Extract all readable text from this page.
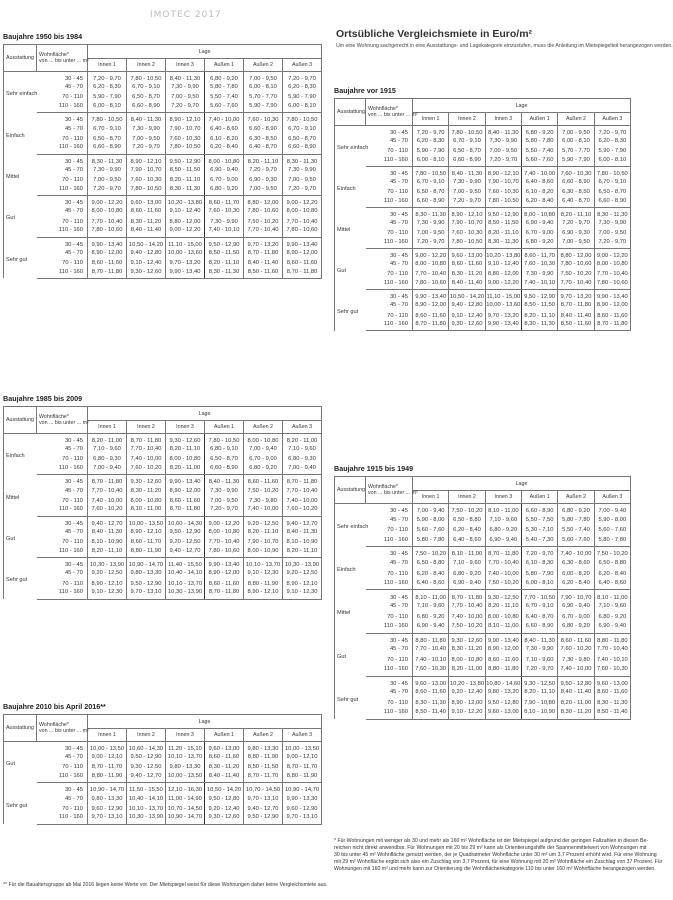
IMOTEC 2017
Ortsübliche Vergleichsmiete in Euro/m²
Um eine Wohnung sachgerecht in eine Ausstattungs- und Lagekategorie einzustufen, muss die Anleitung im Mietspiegelteil herangezogen werden.
Baujahre 1950 bis 1984
Ausstattung	Wohnfläche*
von ... bis unter ... m²	Lage					
		Innen 1	Innen 2	Innen 3	Außen 1	Außen 2	Außen 3
Sehr einfach	30 - 45	7,20 - 9,70	7,80 - 10,50	8,40 - 11,30	6,80 - 9,20	7,00 - 9,50	7,20 - 9,70
	45 - 70	6,20 - 8,30	6,70 - 9,10	7,30 - 9,90	5,80 - 7,80	6,00 - 8,10	6,20 - 8,30
	70 - 110	5,90 - 7,90	6,50 - 8,70	7,00 - 9,50	5,50 - 7,40	5,70 - 7,70	5,90 - 7,90
	110 - 160	6,00 - 8,10	6,60 - 8,90	7,20 - 9,70	5,60 - 7,60	5,90 - 7,90	6,00 - 8,10
Einfach	30 - 45	7,80 - 10,50	8,40 - 11,30	8,90 - 12,10	7,40 - 10,00	7,60 - 10,30	7,80 - 10,50
	45 - 70	6,70 - 9,10	7,30 - 9,90	7,90 - 10,70	6,40 - 8,60	6,60 - 8,90	6,70 - 9,10
	70 - 110	6,50 - 8,70	7,00 - 9,50	7,60 - 10,30	6,10 - 8,20	6,30 - 8,50	6,50 - 8,70
	110 - 160	6,60 - 8,90	7,20 - 9,70	7,80 - 10,50	6,20 - 8,40	6,40 - 8,70	6,60 - 8,90
Mittel	30 - 45	8,30 - 11,30	8,90 - 12,10	9,50 - 12,90	8,00 - 10,80	8,20 - 11,10	8,30 - 11,30
	45 - 70	7,30 - 9,90	7,90 - 10,70	8,50 - 11,50	6,90 - 9,40	7,20 - 9,70	7,30 - 9,90
	70 - 110	7,00 - 9,50	7,60 - 10,30	8,20 - 11,10	6,70 - 9,00	6,90 - 9,30	7,00 - 9,50
	110 - 160	7,20 - 9,70	7,80 - 10,50	8,30 - 11,30	6,80 - 9,20	7,00 - 9,50	7,20 - 9,70
Gut	30 - 45	9,00 - 12,20	9,60 - 13,00	10,20 - 13,80	8,60 - 11,70	8,80 - 12,00	9,00 - 12,20
	45 - 70	8,00 - 10,80	8,60 - 11,60	9,10 - 12,40	7,60 - 10,30	7,80 - 10,60	8,00 - 10,80
	70 - 110	7,70 - 10,40	8,30 - 11,20	8,80 - 12,00	7,30 - 9,90	7,50 - 10,20	7,70 - 10,40
	110 - 160	7,80 - 10,60	8,40 - 11,40	9,00 - 12,20	7,40 - 10,10	7,70 - 10,40	7,80 - 10,60
Sehr gut	30 - 45	9,90 - 13,40	10,50 - 14,20	11,10 - 15,00	9,50 - 12,90	9,70 - 13,20	9,90 - 13,40
	45 - 70	8,90 - 12,00	9,40 - 12,80	10,00 - 13,60	8,50 - 11,50	8,70 - 11,80	8,90 - 12,00
	70 - 110	8,60 - 11,60	9,10 - 12,40	9,70 - 13,20	8,20 - 11,10	8,40 - 11,40	8,60 - 11,60
	110 - 160	8,70 - 11,80	9,30 - 12,60	9,90 - 13,40	8,30 - 11,30	8,50 - 11,60	8,70 - 11,80
Baujahre 1985 bis 2009
Ausstattung	Wohnfläche*
von ... bis unter ... m²	Lage					
		Innen 1	Innen 2	Innen 3	Außen 1	Außen 2	Außen 3
Einfach	30 - 45	8,20 - 11,00	8,70 - 11,80	9,30 - 12,60	7,80 - 10,50	8,00 - 10,80	8,20 - 11,00
	45 - 70	7,10 - 9,60	7,70 - 10,40	8,20 - 11,10	6,80 - 9,10	7,00 - 9,40	7,10 - 9,60
	70 - 110	6,80 - 9,30	7,40 - 10,00	8,00 - 10,80	6,50 - 8,70	6,70 - 9,00	6,80 - 9,30
	110 - 160	7,00 - 9,40	7,60 - 10,20	8,20 - 11,00	6,60 - 8,90	6,80 - 9,20	7,00 - 9,40
Mittel	30 - 45	8,70 - 11,80	9,30 - 12,60	9,90 - 13,40	8,40 - 11,30	8,60 - 11,60	8,70 - 11,80
	45 - 70	7,70 - 10,40	8,30 - 11,20	8,90 - 12,00	7,30 - 9,90	7,50 - 10,20	7,70 - 10,40
	70 - 110	7,40 - 10,00	8,00 - 10,80	8,60 - 11,60	7,00 - 9,50	7,30 - 9,80	7,40 - 10,00
	110 - 160	7,60 - 10,20	8,10 - 11,00	8,70 - 11,80	7,20 - 9,70	7,40 - 10,00	7,60 - 10,20
Gut	30 - 45	9,40 - 12,70	10,00 - 13,50	10,60 - 14,30	9,00 - 12,20	9,20 - 12,50	9,40 - 12,70
	45 - 70	8,40 - 11,30	8,90 - 12,10	9,50 - 12,90	8,00 - 10,80	8,20 - 11,10	8,40 - 11,30
	70 - 110	8,10 - 10,90	8,60 - 11,70	9,20 - 12,50	7,70 - 10,40	7,90 - 10,70	8,10 - 10,90
	110 - 160	8,20 - 11,10	8,80 - 11,90	9,40 - 12,70	7,80 - 10,60	8,00 - 10,90	8,20 - 11,10
Sehr gut	30 - 45	10,30 - 13,90	10,90 - 14,70	11,40 - 15,50	9,90 - 13,40	10,10 - 13,70	10,30 - 13,90
	45 - 70	9,20 - 12,50	9,80 - 13,30	10,40 - 14,10	8,90 - 12,00	9,10 - 12,30	9,20 - 12,50
	70 - 110	8,90 - 12,10	9,50 - 12,90	10,10 - 13,70	8,60 - 11,60	8,80 - 11,90	8,90 - 12,10
	110 - 160	9,10 - 12,30	9,70 - 13,10	10,30 - 13,90	8,70 - 11,80	8,90 - 12,10	9,10 - 12,30
Baujahre 2010 bis April 2016**
Ausstattung	Wohnfläche*
von ... bis unter ... m²	Lage					
		Innen 1	Innen 2	Innen 3	Außen 1	Außen 2	Außen 3
Gut	30 - 45	10,00 - 13,50	10,60 - 14,30	11,20 - 15,10	9,60 - 13,00	9,80 - 13,30	10,00 - 13,50
	45 - 70	9,00 - 12,10	9,50 - 12,90	10,10 - 13,70	8,60 - 11,60	8,80 - 11,90	9,00 - 12,10
	70 - 110	8,70 - 11,70	9,30 - 12,50	9,80 - 13,30	8,30 - 11,20	8,50 - 11,50	8,70 - 11,70
	110 - 160	8,80 - 11,90	9,40 - 12,70	10,00 - 13,50	8,40 - 11,40	8,70 - 11,70	8,80 - 11,90
Sehr gut	30 - 45	10,90 - 14,70	11,50 - 15,50	12,10 - 16,30	10,50 - 14,20	10,70 - 14,50	10,90 - 14,70
	45 - 70	9,80 - 13,30	10,40 - 14,10	11,00 - 14,90	9,50 - 12,80	9,70 - 13,10	9,90 - 13,30
	70 - 110	9,60 - 12,90	10,10 - 13,70	10,70 - 14,50	9,20 - 12,40	9,40 - 12,70	9,60 - 12,90
	110 - 160	9,70 - 13,10	10,30 - 13,90	10,90 - 14,70	9,30 - 12,60	9,50 - 12,90	9,70 - 13,10
Baujahre vor 1915
Ausstattung	Wohnfläche*
von ... bis unter ... m²	Lage					
		Innen 1	Innen 2	Innen 3	Außen 1	Außen 2	Außen 3
Sehr einfach	30 - 45	7,20 - 9,70	7,80 - 10,50	8,40 - 11,30	6,80 - 9,20	7,00 - 9,50	7,20 - 9,70
	45 - 70	6,20 - 8,30	6,70 - 9,10	7,30 - 9,90	5,80 - 7,80	6,00 - 8,10	6,20 - 8,30
	70 - 110	5,90 - 7,90	6,50 - 8,70	7,00 - 9,50	5,50 - 7,40	5,70 - 7,70	5,90 - 7,90
	110 - 160	6,00 - 8,10	6,60 - 8,90	7,20 - 9,70	5,60 - 7,60	5,90 - 7,90	6,00 - 8,10
Einfach	30 - 45	7,80 - 10,50	8,40 - 11,30	8,90 - 12,10	7,40 - 10,00	7,60 - 10,30	7,80 - 10,50
	45 - 70	6,70 - 9,10	7,30 - 9,90	7,90 - 10,70	6,40 - 8,60	6,60 - 8,90	6,70 - 9,10
	70 - 110	6,50 - 8,70	7,00 - 9,50	7,60 - 10,30	6,10 - 8,20	6,30 - 8,50	6,50 - 8,70
	110 - 160	6,60 - 8,90	7,20 - 9,70	7,80 - 10,50	6,20 - 8,40	6,40 - 8,70	6,60 - 8,90
Mittel	30 - 45	8,30 - 11,30	8,90 - 12,10	9,50 - 12,90	8,00 - 10,80	8,20 - 11,10	8,30 - 11,30
	45 - 70	7,30 - 9,90	7,90 - 10,70	8,50 - 11,50	6,90 - 9,40	7,20 - 9,70	7,30 - 9,90
	70 - 110	7,00 - 9,50	7,60 - 10,30	8,20 - 11,10	6,70 - 9,00	6,90 - 9,30	7,00 - 9,50
	110 - 160	7,20 - 9,70	7,80 - 10,50	8,30 - 11,30	6,80 - 9,20	7,00 - 9,50	7,20 - 9,70
Gut	30 - 45	9,00 - 12,20	9,60 - 13,00	10,20 - 13,80	8,60 - 11,70	8,80 - 12,00	9,00 - 12,20
	45 - 70	8,00 - 10,80	8,60 - 11,60	9,10 - 12,40	7,60 - 10,30	7,80 - 10,60	8,00 - 10,80
	70 - 110	7,70 - 10,40	8,30 - 11,20	8,80 - 12,00	7,30 - 9,90	7,50 - 10,20	7,70 - 10,40
	110 - 160	7,80 - 10,60	8,40 - 11,40	9,00 - 12,20	7,40 - 10,10	7,70 - 10,40	7,80 - 10,60
Sehr gut	30 - 45	9,90 - 13,40	10,50 - 14,20	11,10 - 15,00	9,50 - 12,90	9,70 - 13,20	9,90 - 13,40
	45 - 70	8,90 - 12,00	9,40 - 12,80	10,00 - 13,60	8,50 - 11,50	8,70 - 11,80	8,90 - 12,00
	70 - 110	8,60 - 11,60	9,10 - 12,40	9,70 - 13,20	8,20 - 11,10	8,40 - 11,40	8,60 - 11,60
	110 - 160	8,70 - 11,80	9,30 - 12,60	9,90 - 13,40	8,30 - 11,30	8,50 - 11,60	8,70 - 11,80
Baujahre 1915 bis 1949
Ausstattung	Wohnfläche*
von ... bis unter ... m²	Lage					
		Innen 1	Innen 2	Innen 3	Außen 1	Außen 2	Außen 3
Sehr einfach	30 - 45	7,00 - 9,40	7,50 - 10,20	8,10 - 11,00	6,60 - 8,90	6,80 - 9,20	7,00 - 9,40
	45 - 70	5,90 - 8,00	6,50 - 8,80	7,10 - 9,60	5,50 - 7,50	5,80 - 7,80	5,90 - 8,00
	70 - 110	5,60 - 7,60	6,20 - 8,40	6,80 - 9,20	5,30 - 7,10	5,50 - 7,40	5,60 - 7,60
	110 - 160	5,80 - 7,80	6,40 - 8,60	6,90 - 9,40	5,40 - 7,30	5,60 - 7,60	5,80 - 7,80
Einfach	30 - 45	7,50 - 10,20	8,10 - 11,00	8,70 - 11,80	7,20 - 9,70	7,40 - 10,00	7,50 - 10,20
	45 - 70	6,50 - 8,80	7,10 - 9,60	7,70 - 10,40	6,10 - 8,30	6,30 - 8,60	6,50 - 8,80
	70 - 110	6,20 - 8,40	6,80 - 9,20	7,40 - 10,00	5,80 - 7,90	6,00 - 8,20	6,20 - 8,40
	110 - 160	6,40 - 8,60	6,90 - 9,40	7,50 - 10,20	6,00 - 8,10	6,20 - 8,40	6,40 - 8,60
Mittel	30 - 45	8,10 - 11,00	8,70 - 11,80	9,30 - 12,50	7,70 - 10,50	7,90 - 10,70	8,10 - 11,00
	45 - 70	7,10 - 9,60	7,70 - 10,40	8,20 - 11,10	6,70 - 9,10	6,90 - 9,40	7,10 - 9,60
	70 - 110	6,80 - 9,20	7,40 - 10,00	8,00 - 10,80	6,40 - 8,70	6,70 - 9,00	6,80 - 9,20
	110 - 160	6,90 - 9,40	7,50 - 10,20	8,10 - 11,00	6,60 - 8,90	6,80 - 9,20	6,90 - 9,40
Gut	30 - 45	8,80 - 11,80	9,30 - 12,60	9,90 - 13,40	8,40 - 11,30	8,60 - 11,60	8,80 - 11,80
	45 - 70	7,70 - 10,40	8,30 - 11,20	8,90 - 12,00	7,30 - 9,90	7,60 - 10,20	7,70 - 10,40
	70 - 110	7,40 - 10,10	8,00 - 10,80	8,60 - 11,60	7,10 - 9,60	7,30 - 9,80	7,40 - 10,10
	110 - 160	7,60 - 10,30	8,20 - 11,00	8,80 - 11,80	7,20 - 9,70	7,40 - 10,00	7,60 - 10,30
Sehr gut	30 - 45	9,60 - 13,00	10,20 - 13,80	10,80 - 14,60	9,30 - 12,50	9,50 - 12,80	9,60 - 13,00
	45 - 70	8,60 - 11,60	9,20 - 12,40	9,80 - 13,20	8,20 - 11,10	8,40 - 11,40	8,60 - 11,60
	70 - 110	8,30 - 11,30	8,90 - 12,00	9,50 - 12,80	7,90 - 10,80	8,20 - 11,00	8,30 - 11,30
	110 - 160	8,50 - 11,40	9,10 - 12,20	9,60 - 13,00	8,10 - 10,90	8,30 - 11,20	8,50 - 11,40
** Für die Baualtersgruppe ab Mai 2016 liegen keine Werte vor. Der Mietspiegel weist für diese Wohnungen daher keine Vergleichsmiete aus.
* Für Wohnungen mit weniger als 30 und mehr als 160 m² Wohnfläche ist der Mietspiegel aufgrund der geringen Fallzahlen in diesen Be-
reichen nicht direkt anwendbar. Für Wohnungen mit 20 bis 29 m² kann als Orientierungshilfe der Spannenmittelwert von Wohnungen mit
30 bis unter 45 m² Wohnfläche genutzt werden, der je Quadratmeter Wohnfläche unter 30 m² um 3,7 Prozent erhöht wird. Für eine Wohnung
mit 29 m² Wohnfläche ergibt sich also ein Zuschlag von 3,7 Prozent, für eine Wohnung mit 20 m² Wohnfläche ein Zuschlag von 37 Prozent. Für
Wohnungen mit 160 m² und mehr kann zur Orientierung die Wohnflächenkategorie 110 bis unter 160 m² Wohnfläche herangezogen werden.
